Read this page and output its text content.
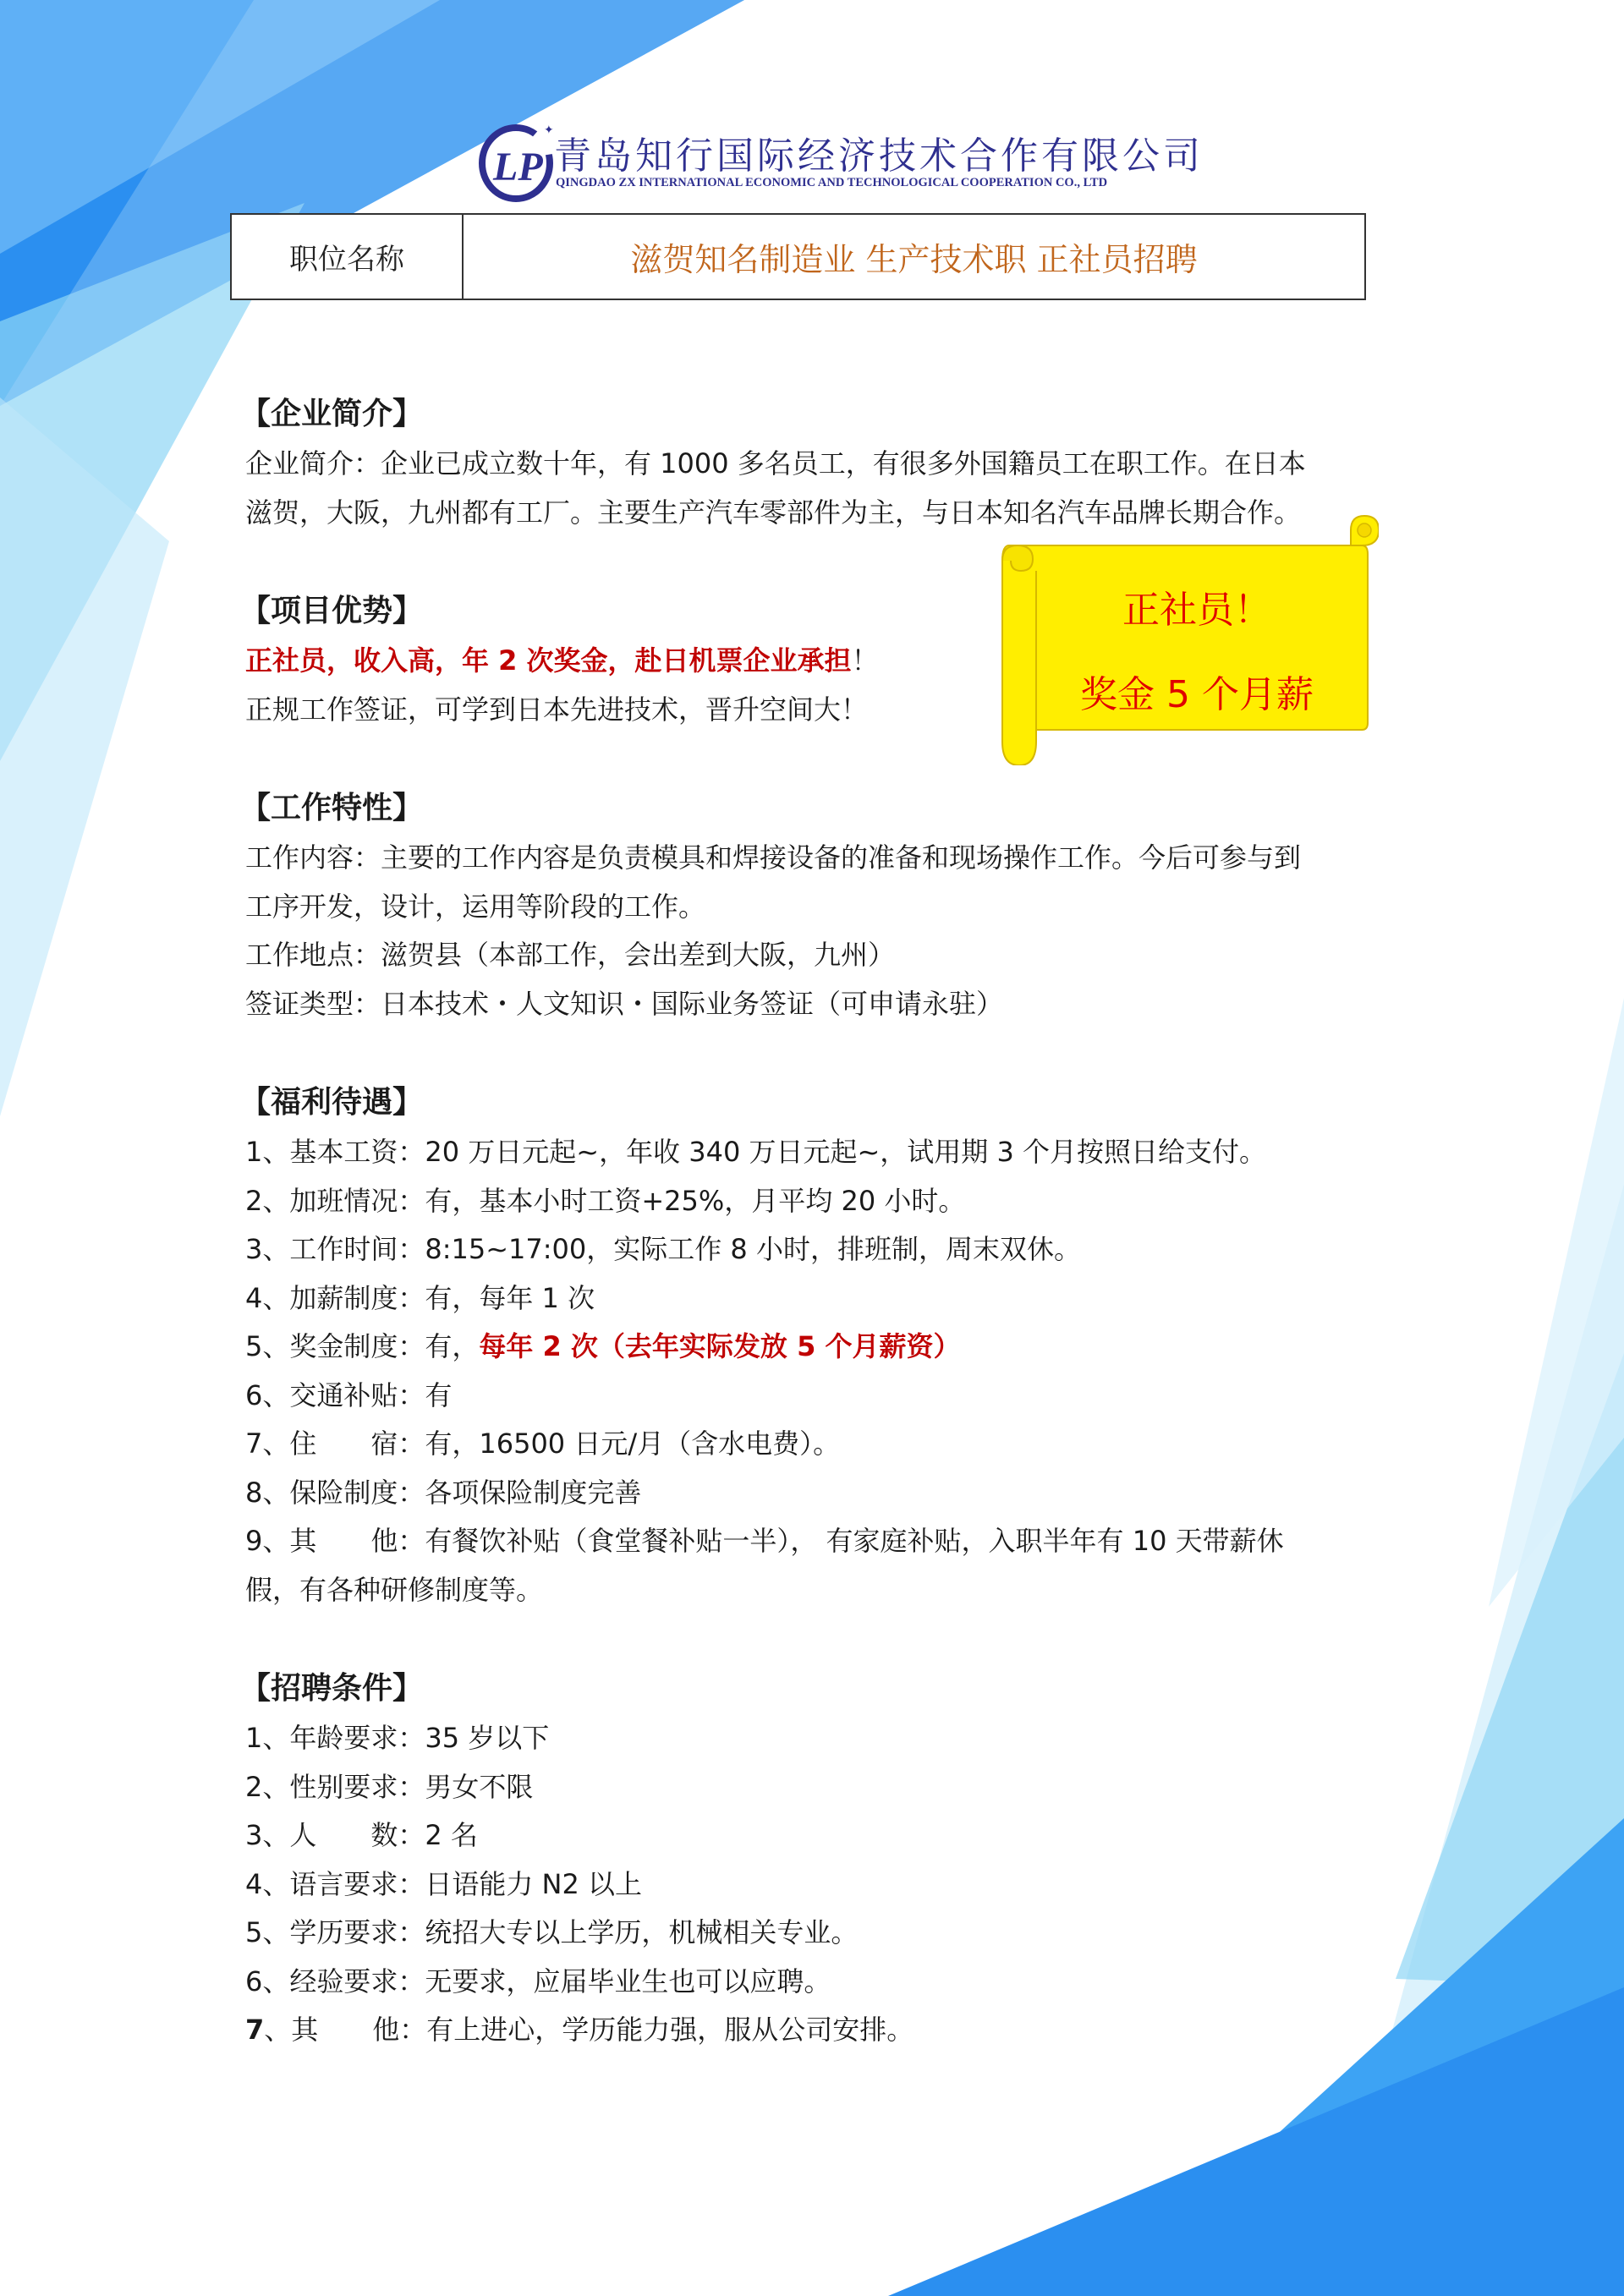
LP
✦
青岛知行国际经济技术合作有限公司
QINGDAO ZX INTERNATIONAL ECONOMIC AND TECHNOLOGICAL COOPERATION CO., LTD
职位名称	滋贺知名制造业 生产技术职 正社员招聘
正社员！
奖金 5 个月薪
【企业简介】
企业简介：企业已成立数十年，有 1000 多名员工，有很多外国籍员工在职工作。在日本
滋贺，大阪，九州都有工厂。主要生产汽车零部件为主，与日本知名汽车品牌长期合作。
【项目优势】
正社员，收入高，年 2 次奖金，赴日机票企业承担！
正规工作签证，可学到日本先进技术，晋升空间大！
【工作特性】
工作内容：主要的工作内容是负责模具和焊接设备的准备和现场操作工作。今后可参与到
工序开发，设计，运用等阶段的工作。
工作地点：滋贺县（本部工作，会出差到大阪，九州）
签证类型：日本技术・人文知识・国际业务签证（可申请永驻）
【福利待遇】
1、基本工资：20 万日元起~，年收 340 万日元起~，试用期 3 个月按照日给支付。
2、加班情况：有，基本小时工资+25%，月平均 20 小时。
3、工作时间：8:15~17:00，实际工作 8 小时，排班制，周末双休。
4、加薪制度：有，每年 1 次
5、奖金制度：有，每年 2 次（去年实际发放 5 个月薪资）
6、交通补贴：有
7、住　　宿：有，16500 日元/月（含水电费）。
8、保险制度：各项保险制度完善
9、其　　他：有餐饮补贴（食堂餐补贴一半）， 有家庭补贴，入职半年有 10 天带薪休
假，有各种研修制度等。
【招聘条件】
1、年龄要求：35 岁以下
2、性别要求：男女不限
3、人　　数：2 名
4、语言要求：日语能力 N2 以上
5、学历要求：统招大专以上学历，机械相关专业。
6、经验要求：无要求，应届毕业生也可以应聘。
7、其　　他：有上进心，学历能力强，服从公司安排。
